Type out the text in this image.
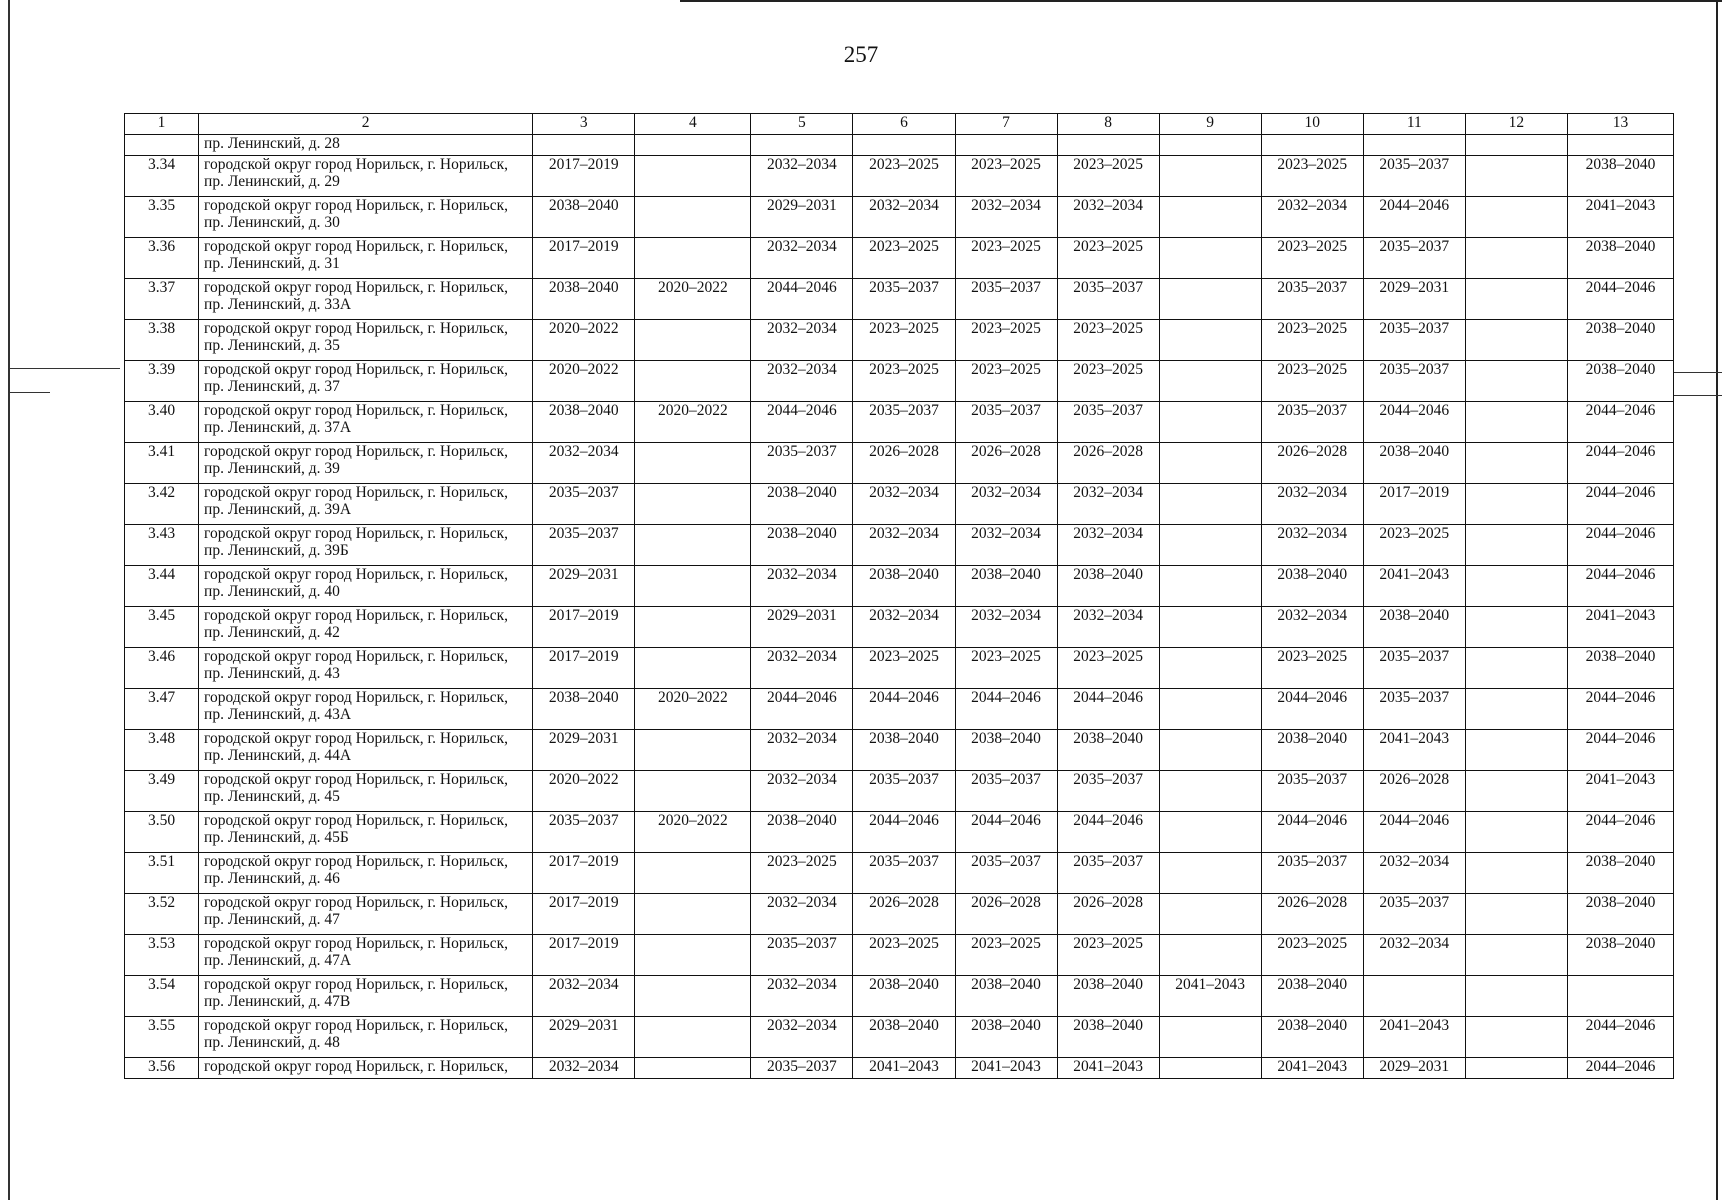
257
1	2	3	4	5	6	7	8	9	10	11	12	13
	пр. Ленинский, д. 28											
3.34	городской округ город Норильск, г. Норильск, пр. Ленинский, д. 29	2017–2019		2032–2034	2023–2025	2023–2025	2023–2025		2023–2025	2035–2037		2038–2040
3.35	городской округ город Норильск, г. Норильск, пр. Ленинский, д. 30	2038–2040		2029–2031	2032–2034	2032–2034	2032–2034		2032–2034	2044–2046		2041–2043
3.36	городской округ город Норильск, г. Норильск, пр. Ленинский, д. 31	2017–2019		2032–2034	2023–2025	2023–2025	2023–2025		2023–2025	2035–2037		2038–2040
3.37	городской округ город Норильск, г. Норильск, пр. Ленинский, д. 33А	2038–2040	2020–2022	2044–2046	2035–2037	2035–2037	2035–2037		2035–2037	2029–2031		2044–2046
3.38	городской округ город Норильск, г. Норильск, пр. Ленинский, д. 35	2020–2022		2032–2034	2023–2025	2023–2025	2023–2025		2023–2025	2035–2037		2038–2040
3.39	городской округ город Норильск, г. Норильск, пр. Ленинский, д. 37	2020–2022		2032–2034	2023–2025	2023–2025	2023–2025		2023–2025	2035–2037		2038–2040
3.40	городской округ город Норильск, г. Норильск, пр. Ленинский, д. 37А	2038–2040	2020–2022	2044–2046	2035–2037	2035–2037	2035–2037		2035–2037	2044–2046		2044–2046
3.41	городской округ город Норильск, г. Норильск, пр. Ленинский, д. 39	2032–2034		2035–2037	2026–2028	2026–2028	2026–2028		2026–2028	2038–2040		2044–2046
3.42	городской округ город Норильск, г. Норильск, пр. Ленинский, д. 39А	2035–2037		2038–2040	2032–2034	2032–2034	2032–2034		2032–2034	2017–2019		2044–2046
3.43	городской округ город Норильск, г. Норильск, пр. Ленинский, д. 39Б	2035–2037		2038–2040	2032–2034	2032–2034	2032–2034		2032–2034	2023–2025		2044–2046
3.44	городской округ город Норильск, г. Норильск, пр. Ленинский, д. 40	2029–2031		2032–2034	2038–2040	2038–2040	2038–2040		2038–2040	2041–2043		2044–2046
3.45	городской округ город Норильск, г. Норильск, пр. Ленинский, д. 42	2017–2019		2029–2031	2032–2034	2032–2034	2032–2034		2032–2034	2038–2040		2041–2043
3.46	городской округ город Норильск, г. Норильск, пр. Ленинский, д. 43	2017–2019		2032–2034	2023–2025	2023–2025	2023–2025		2023–2025	2035–2037		2038–2040
3.47	городской округ город Норильск, г. Норильск, пр. Ленинский, д. 43А	2038–2040	2020–2022	2044–2046	2044–2046	2044–2046	2044–2046		2044–2046	2035–2037		2044–2046
3.48	городской округ город Норильск, г. Норильск, пр. Ленинский, д. 44А	2029–2031		2032–2034	2038–2040	2038–2040	2038–2040		2038–2040	2041–2043		2044–2046
3.49	городской округ город Норильск, г. Норильск, пр. Ленинский, д. 45	2020–2022		2032–2034	2035–2037	2035–2037	2035–2037		2035–2037	2026–2028		2041–2043
3.50	городской округ город Норильск, г. Норильск, пр. Ленинский, д. 45Б	2035–2037	2020–2022	2038–2040	2044–2046	2044–2046	2044–2046		2044–2046	2044–2046		2044–2046
3.51	городской округ город Норильск, г. Норильск, пр. Ленинский, д. 46	2017–2019		2023–2025	2035–2037	2035–2037	2035–2037		2035–2037	2032–2034		2038–2040
3.52	городской округ город Норильск, г. Норильск, пр. Ленинский, д. 47	2017–2019		2032–2034	2026–2028	2026–2028	2026–2028		2026–2028	2035–2037		2038–2040
3.53	городской округ город Норильск, г. Норильск, пр. Ленинский, д. 47А	2017–2019		2035–2037	2023–2025	2023–2025	2023–2025		2023–2025	2032–2034		2038–2040
3.54	городской округ город Норильск, г. Норильск, пр. Ленинский, д. 47В	2032–2034		2032–2034	2038–2040	2038–2040	2038–2040	2041–2043	2038–2040			
3.55	городской округ город Норильск, г. Норильск, пр. Ленинский, д. 48	2029–2031		2032–2034	2038–2040	2038–2040	2038–2040		2038–2040	2041–2043		2044–2046
3.56	городской округ город Норильск, г. Норильск,	2032–2034		2035–2037	2041–2043	2041–2043	2041–2043		2041–2043	2029–2031		2044–2046
